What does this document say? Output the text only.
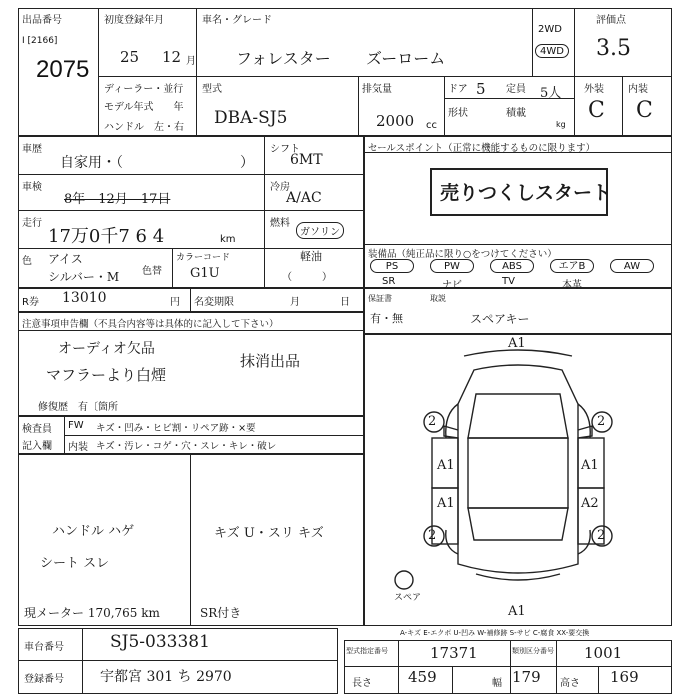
出品番号
I [2166]
2075
初度登録年月
25 12 月
車名・グレード
フォレスター ズーローム
2WD
4WD
評価点
3.5
外装 内装
C C
ディーラー・並行
モデル年式　　年
ハンドル　左・右
型式
DBA-SJ5
排気量
2000 cc
ドア 5 定員 5人
形状	積載
kg
車歴
自家用・（	）
車検
8年　12月　17日
走行
17万0千7 6 4	km
色 アイス
シルバー・M 色替
カラーコード
G1U
シフト
6MT
冷房
A/AC
燃料
ガソリン
軽油
（　　　）
セールスポイント（正常に機能するものに限ります）
売りつくしスタート
装備品（純正品に限り○をつけてください）
R券 13010	円 名変期限	月	日 保証書
有・無
取説
スペアキー
注意事項申告欄（不具合内容等は具体的に記入して下さい）
オーディオ欠品
マフラーより白煙
抹消出品
修復歴　有〔箇所
検査員
記入欄
FW キズ・凹み・ヒビ割・リペア跡・×要
内装 キズ・汚レ・コゲ・穴・スレ・キレ・破レ
ハンドル ハゲ
シート スレ
キズ U・スリ キズ
現メーター 170,765 km	SR付き
A1
2	2
A1
A1
A1
A2
2	2
A1
スペア
車台番号	SJ5-033381
登録番号	宇都宮 301 ち 2970
A-キズ E-エクボ U-凹み W-補修跡 S-サビ C-腐食 XX-要交換
型式指定番号	17371	類別区分番号 1001
長さ 459	幅 179 高さ 169
PS	PW	ABS	エアB	AW
SR	ナビ	TV	本革
